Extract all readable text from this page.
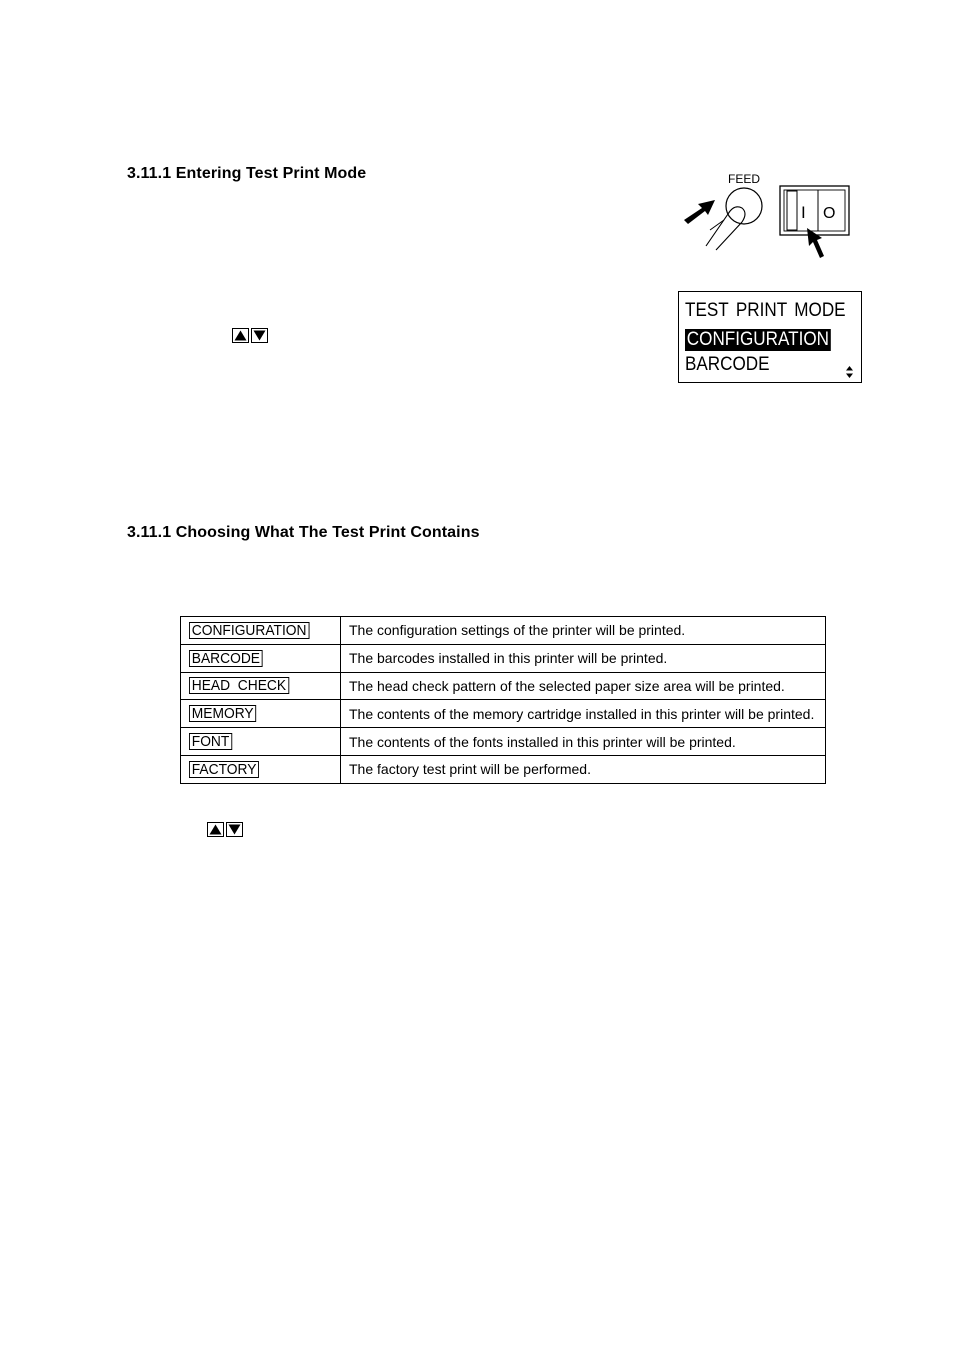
3.11.1 Entering Test Print Mode	FEED
I O
TEST PRINT MODE
CONFIGURATION
BARCODE
3.11.1 Choosing What The Test Print Contains
CONFIGURATION	The configuration settings of the printer will be printed.
BARCODE	The barcodes installed in this printer will be printed.
HEAD  CHECK	The head check pattern of the selected paper size area will be printed.
MEMORY	The contents of the memory cartridge installed in this printer will be printed.
FONT	The contents of the fonts installed in this printer will be printed.
FACTORY	The factory test print will be performed.
